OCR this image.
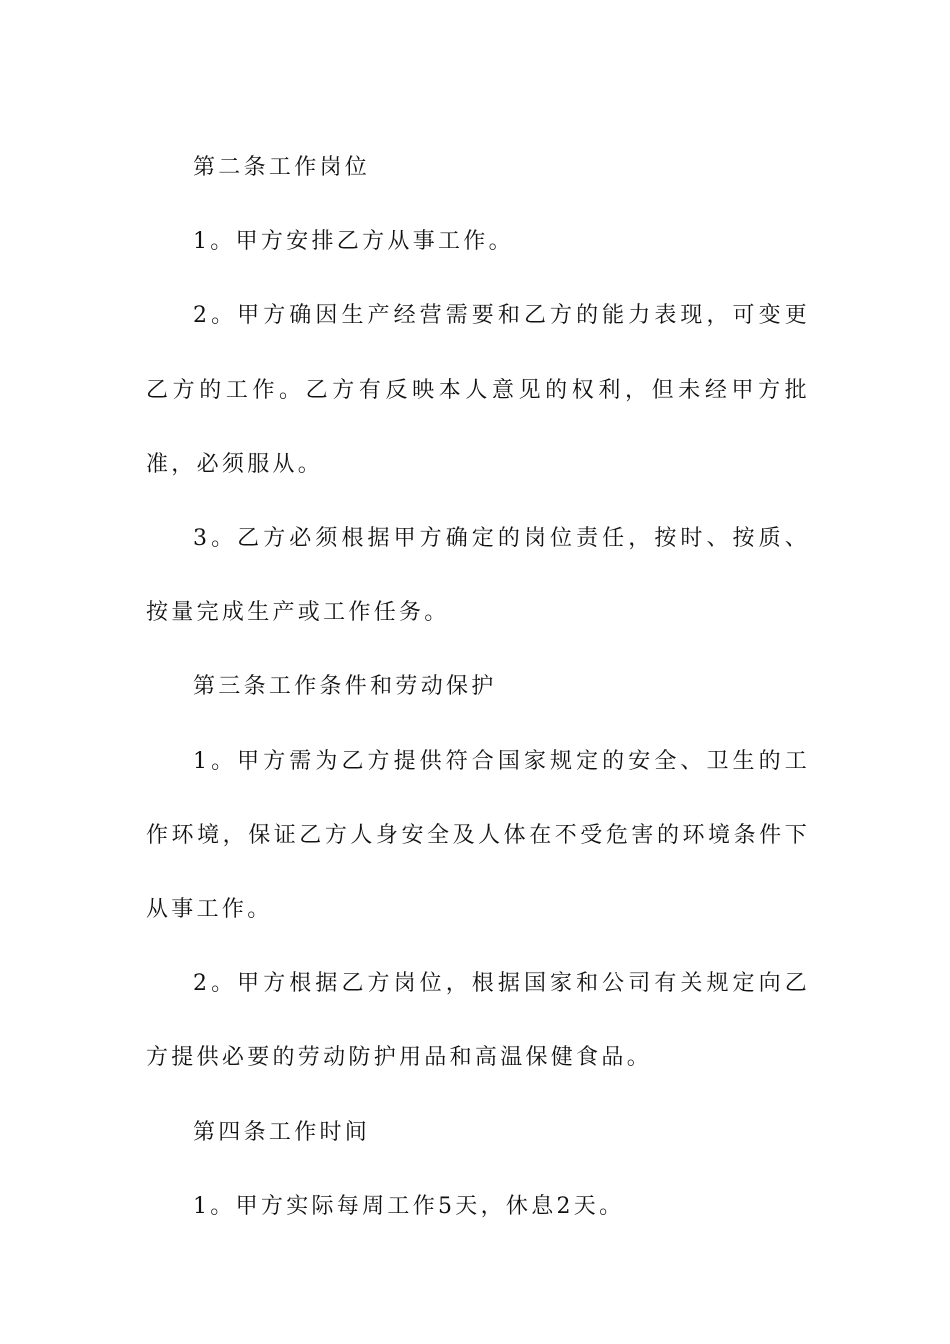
第二条工作岗位

1。甲方安排乙方从事工作。

2。甲方确因生产经营需要和乙方的能力表现，可变更乙方的工作。乙方有反映本人意见的权利，但未经甲方批准，必须服从。

3。乙方必须根据甲方确定的岗位责任，按时、按质、按量完成生产或工作任务。

第三条工作条件和劳动保护

1。甲方需为乙方提供符合国家规定的安全、卫生的工作环境，保证乙方人身安全及人体在不受危害的环境条件下从事工作。

2。甲方根据乙方岗位，根据国家和公司有关规定向乙方提供必要的劳动防护用品和高温保健食品。

第四条工作时间

1。甲方实际每周工作5天，休息2天。
